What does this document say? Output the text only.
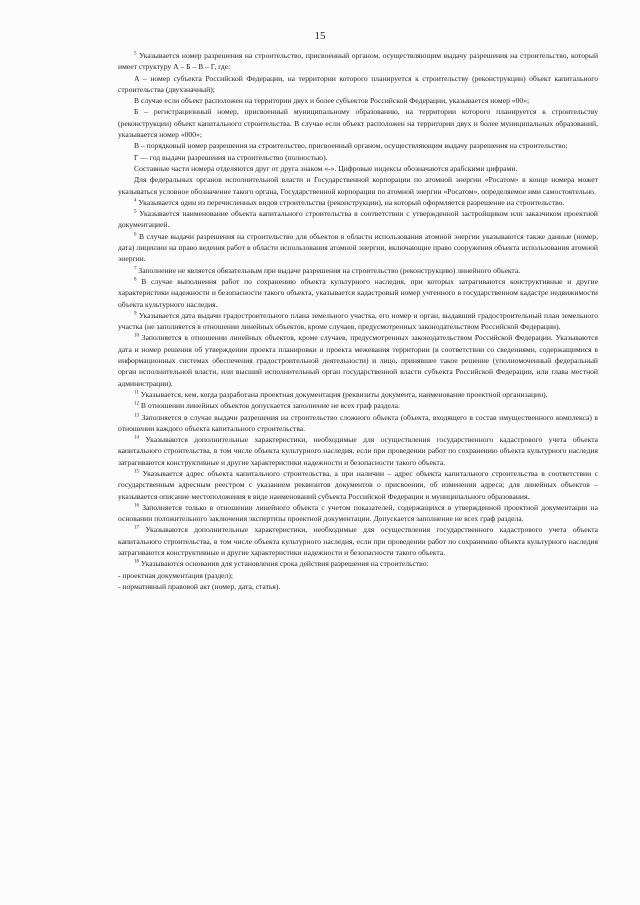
15

$^5$ Указывается номер разрешения на строительство, присвоенный органом, осуществляющим выдачу разрешения на строительство, который имеет структуру А – Б – В – Г, где:

А – номер субъекта Российской Федерации, на территории которого планируется к строительству (реконструкции) объект капитального строительства (двухзначный);

В случае если объект расположен на территории двух и более субъектов Российской Федерации, указывается номер «00»;

Б – регистрационный номер, присвоенный муниципальному образованию, на территории которого планируется к строительству (реконструкции) объект капитального строительства. В случае если объект расположен на территории двух и более муниципальных образований, указывается номер «000»;

В – порядковый номер разрешения на строительство, присвоенный органом, осуществляющим выдачу разрешения на строительство;

Г — год выдачи разрешения на строительство (полностью).

Составные части номера отделяются друг от друга знаком «-». Цифровые индексы обозначаются арабскими цифрами.

Для федеральных органов исполнительной власти и Государственной корпорации по атомной энергии «Росатом» в конце номера может указываться условное обозначение такого органа, Государственной корпорации по атомной энергии «Росатом», определяемое ими самостоятельно.

$^4$ Указывается один из перечисленных видов строительства (реконструкции), на который оформляется разрешение на строительство.

$^5$ Указывается наименование объекта капитального строительства в соответствии с утвержденной застройщиком или заказчиком проектной документацией.

$^6$ В случае выдачи разрешения на строительство для объектов в области использования атомной энергии указываются также данные (номер, дата) лицензии на право ведения работ в области использования атомной энергии, включающие право сооружения объекта использования атомной энергии.

$^7$ Заполнение не является обязательным при выдаче разрешения на строительство (реконструкцию) линейного объекта.

$^8$ В случае выполнения работ по сохранению объекта культурного наследия, при которых затрагиваются конструктивные и другие характеристики надежности и безопасности такого объекта, указывается кадастровый номер учтенного в государственном кадастре недвижимости объекта культурного наследия.

$^9$ Указывается дата выдачи градостроительного плана земельного участка, его номер и орган, выдавший градостроительный план земельного участка (не заполняется в отношении линейных объектов, кроме случаев, предусмотренных законодательством Российской Федерации).

$^{10}$ Заполняется в отношении линейных объектов, кроме случаев, предусмотренных законодательством Российской Федерации. Указываются дата и номер решения об утверждении проекта планировки и проекта межевания территории (в соответствии со сведениями, содержащимися в информационных системах обеспечения градостроительной деятельности) и лицо, принявшее такое решение (уполномоченный федеральный орган исполнительной власти, или высший исполнительный орган государственной власти субъекта Российской Федерации, или глава местной администрации).

$^{11}$ Указывается, кем, когда разработана проектная документация (реквизиты документа, наименование проектной организации).

$^{12}$ В отношении линейных объектов допускается заполнение не всех граф раздела.

$^{13}$ Заполняется в случае выдачи разрешения на строительство сложного объекта (объекта, входящего в состав имущественного комплекса) в отношении каждого объекта капитального строительства.

$^{14}$ Указываются дополнительные характеристики, необходимые для осуществления государственного кадастрового учета объекта капитального строительства, в том числе объекта культурного наследия, если при проведении работ по сохранению объекта культурного наследия затрагиваются конструктивные и другие характеристики надежности и безопасности такого объекта.

$^{15}$ Указывается адрес объекта капитального строительства, а при наличии – адрес объекта капитального строительства в соответствии с государственным адресным реестром с указанием реквизитов документов о присвоении, об изменении адреса; для линейных объектов – указывается описание местоположения в виде наименований субъекта Российской Федерации и муниципального образования.

$^{16}$ Заполняется только в отношении линейного объекта с учетом показателей, содержащихся в утвержденной проектной документации на основании положительного заключения экспертизы проектной документации. Допускается заполнение не всех граф раздела.

$^{17}$ Указываются дополнительные характеристики, необходимые для осуществления государственного кадастрового учета объекта капитального строительства, в том числе объекта культурного наследия, если при проведении работ по сохранению объекта культурного наследия затрагиваются конструктивные и другие характеристики надежности и безопасности такого объекта.

$^{18}$ Указываются основания для установления срока действия разрешения на строительство:

- проектная документация (раздел);

- нормативный правовой акт (номер, дата, статья).
